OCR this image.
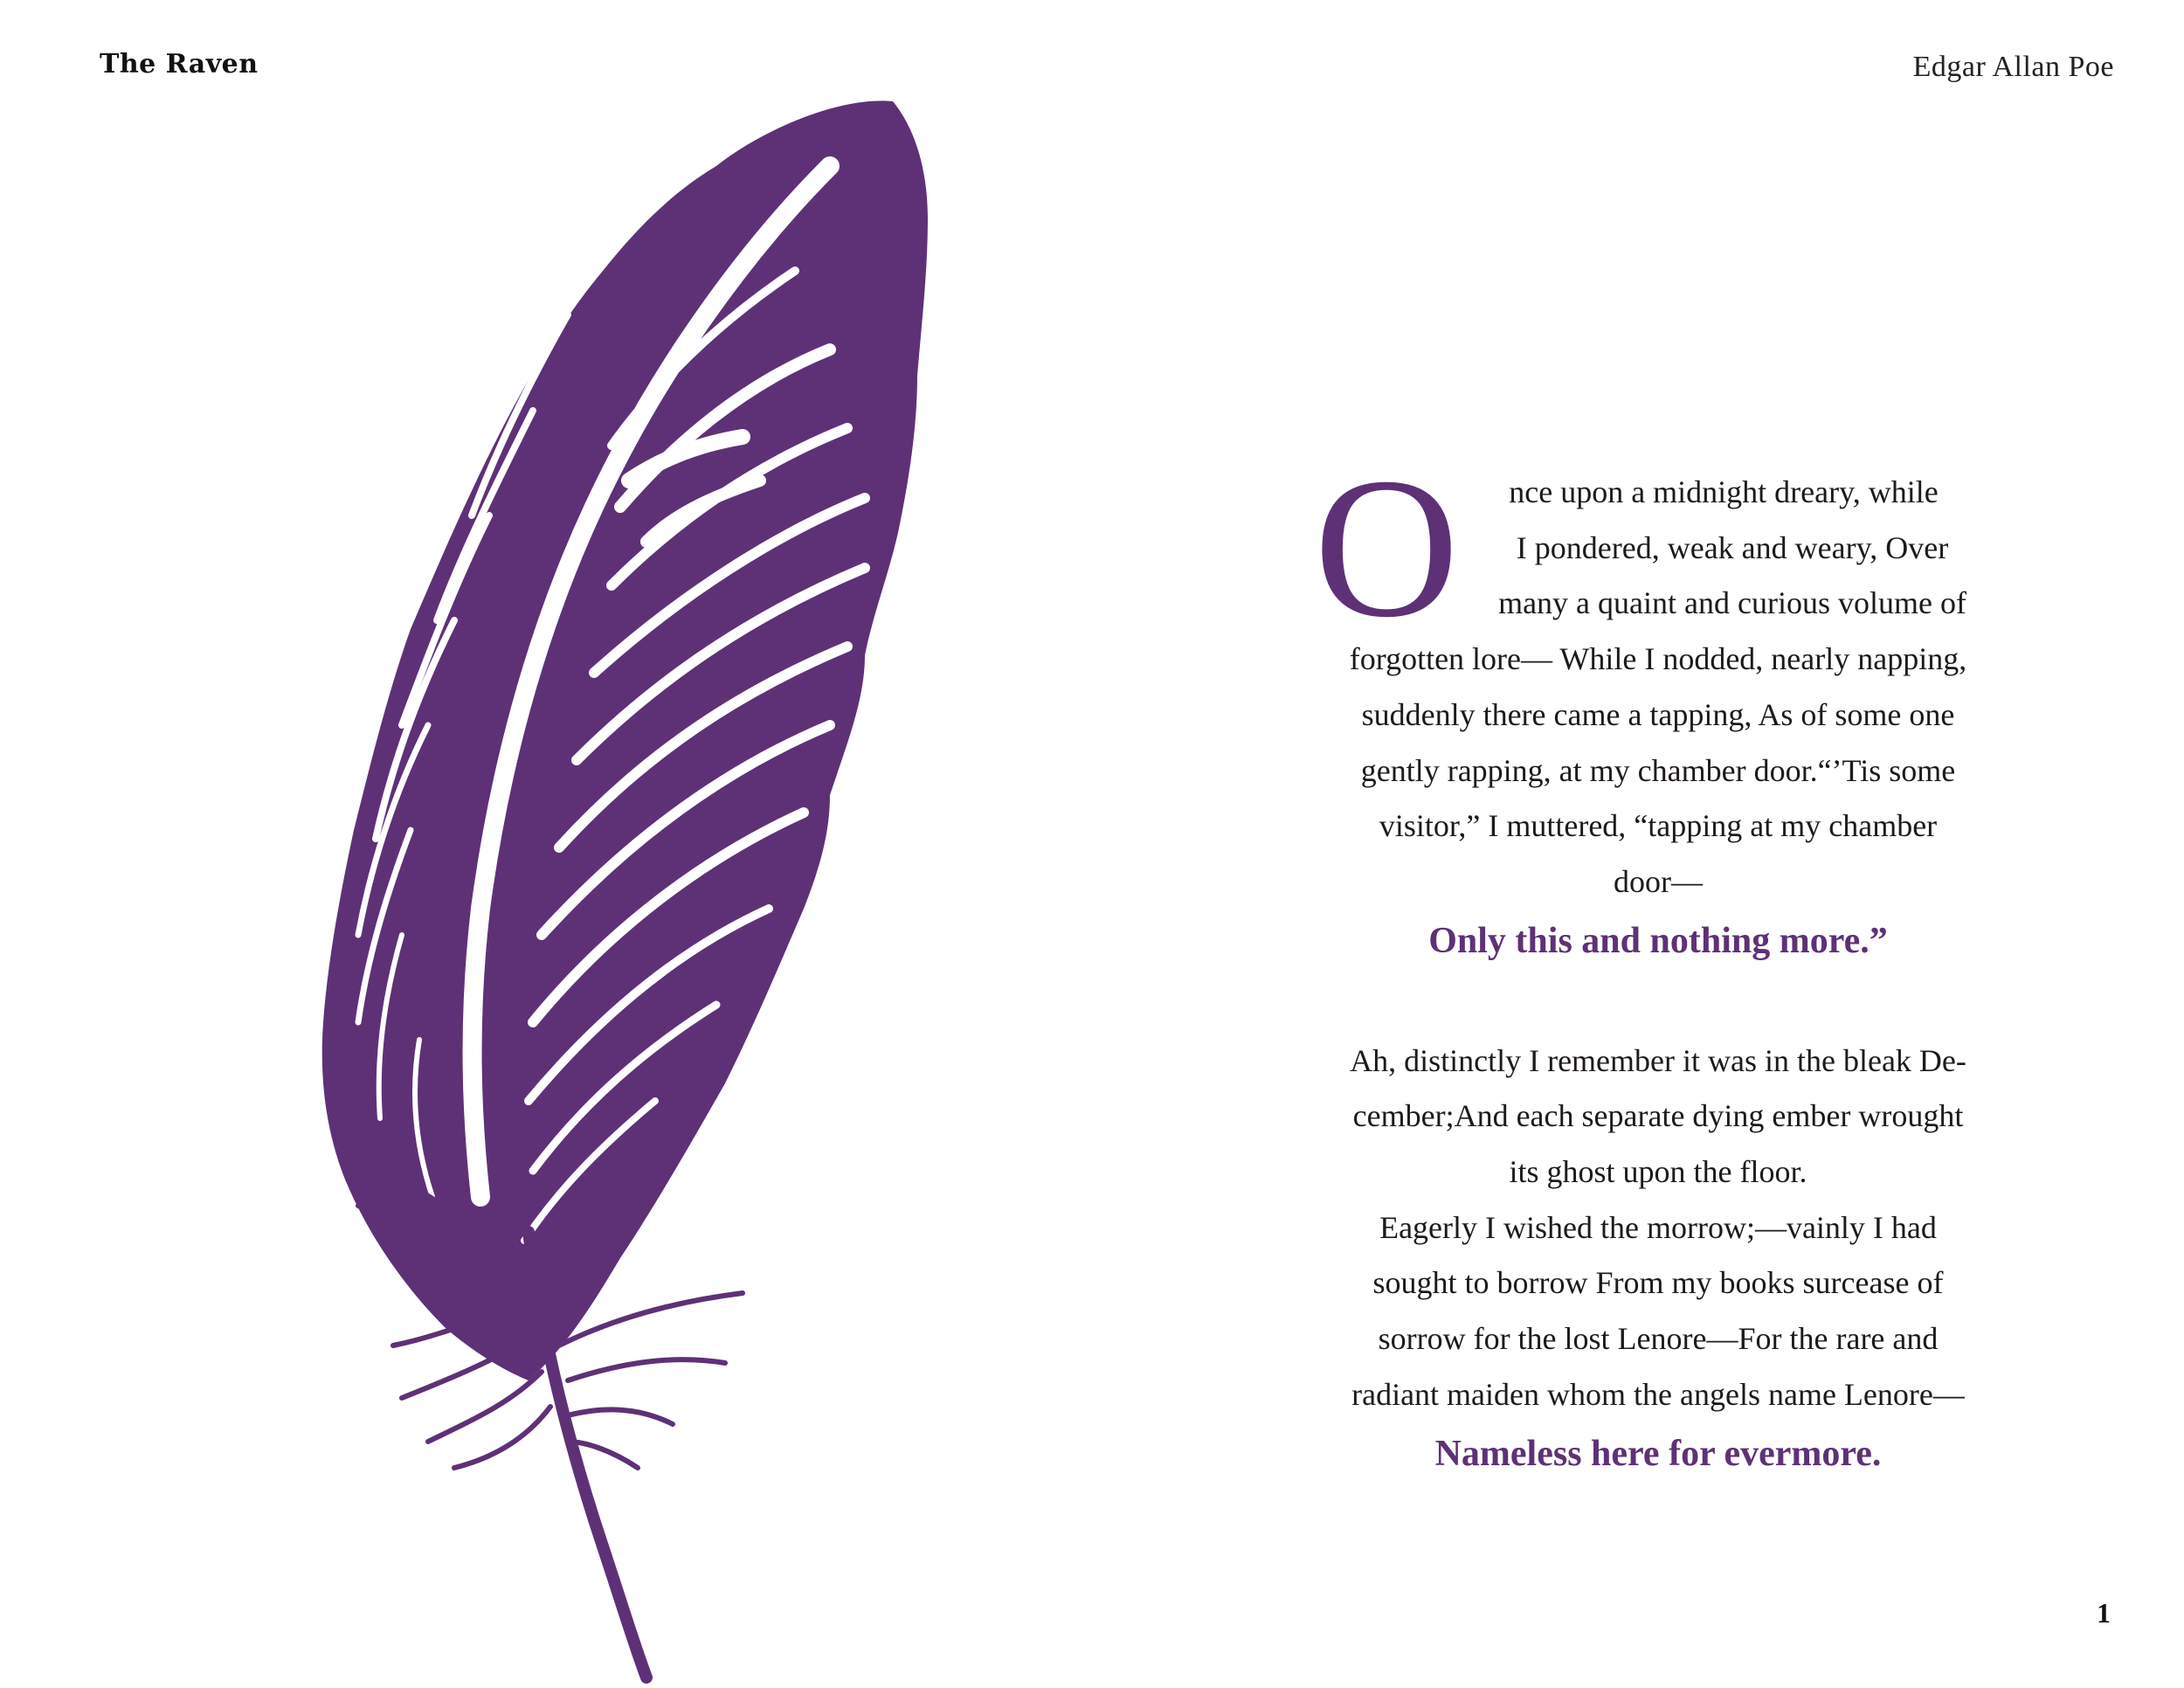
The Raven	Edgar Allan Poe
O	nce upon a midnight dreary, while

I pondered, weak and weary, Over

many a quaint and curious volume of

forgotten lore— While I nodded, nearly napping,

suddenly there came a tapping, As of some one

gently rapping, at my chamber door.“’Tis some

visitor,” I muttered, “tapping at my chamber

door—

Only this and nothing more.”

Ah, distinctly I remember it was in the bleak De-

cember;And each separate dying ember wrought

its ghost upon the floor.

Eagerly I wished the morrow;—vainly I had

sought to borrow From my books surcease of

sorrow for the lost Lenore—For the rare and

radiant maiden whom the angels name Lenore—

Nameless here for evermore.

1
